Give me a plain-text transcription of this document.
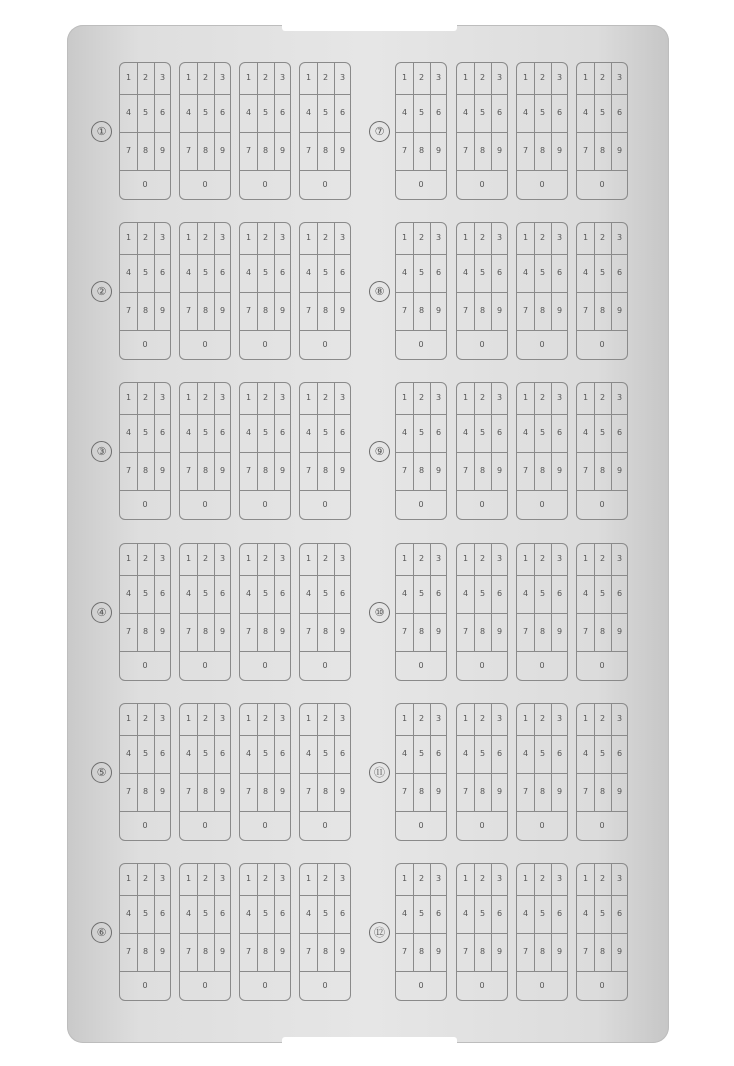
1	2	3
4	5	6
7	8	9
0
1	2	3
4	5	6
7	8	9
0
1	2	3
4	5	6
7	8	9
0
1	2	3
4	5	6
7	8	9
0
1	2	3
4	5	6
7	8	9
0
1	2	3
4	5	6
7	8	9
0
1	2	3
4	5	6
7	8	9
0
1	2	3
4	5	6
7	8	9
0
①	⑦
1	2	3
4	5	6
7	8	9
0
1	2	3
4	5	6
7	8	9
0
1	2	3
4	5	6
7	8	9
0
1	2	3
4	5	6
7	8	9
0
1	2	3
4	5	6
7	8	9
0
1	2	3
4	5	6
7	8	9
0
1	2	3
4	5	6
7	8	9
0
1	2	3
4	5	6
7	8	9
0
②	⑧
1	2	3
4	5	6
7	8	9
0
1	2	3
4	5	6
7	8	9
0
1	2	3
4	5	6
7	8	9
0
1	2	3
4	5	6
7	8	9
0
1	2	3
4	5	6
7	8	9
0
1	2	3
4	5	6
7	8	9
0
1	2	3
4	5	6
7	8	9
0
1	2	3
4	5	6
7	8	9
0
③	⑨
1	2	3
4	5	6
7	8	9
0
1	2	3
4	5	6
7	8	9
0
1	2	3
4	5	6
7	8	9
0
1	2	3
4	5	6
7	8	9
0
1	2	3
4	5	6
7	8	9
0
1	2	3
4	5	6
7	8	9
0
1	2	3
4	5	6
7	8	9
0
1	2	3
4	5	6
7	8	9
0
④	⑩
1	2	3
4	5	6
7	8	9
0
1	2	3
4	5	6
7	8	9
0
1	2	3
4	5	6
7	8	9
0
1	2	3
4	5	6
7	8	9
0
1	2	3
4	5	6
7	8	9
0
1	2	3
4	5	6
7	8	9
0
1	2	3
4	5	6
7	8	9
0
1	2	3
4	5	6
7	8	9
0
⑤	⑪
1	2	3
4	5	6
7	8	9
0
1	2	3
4	5	6
7	8	9
0
1	2	3
4	5	6
7	8	9
0
1	2	3
4	5	6
7	8	9
0
1	2	3
4	5	6
7	8	9
0
1	2	3
4	5	6
7	8	9
0
1	2	3
4	5	6
7	8	9
0
1	2	3
4	5	6
7	8	9
0
⑥	⑫
